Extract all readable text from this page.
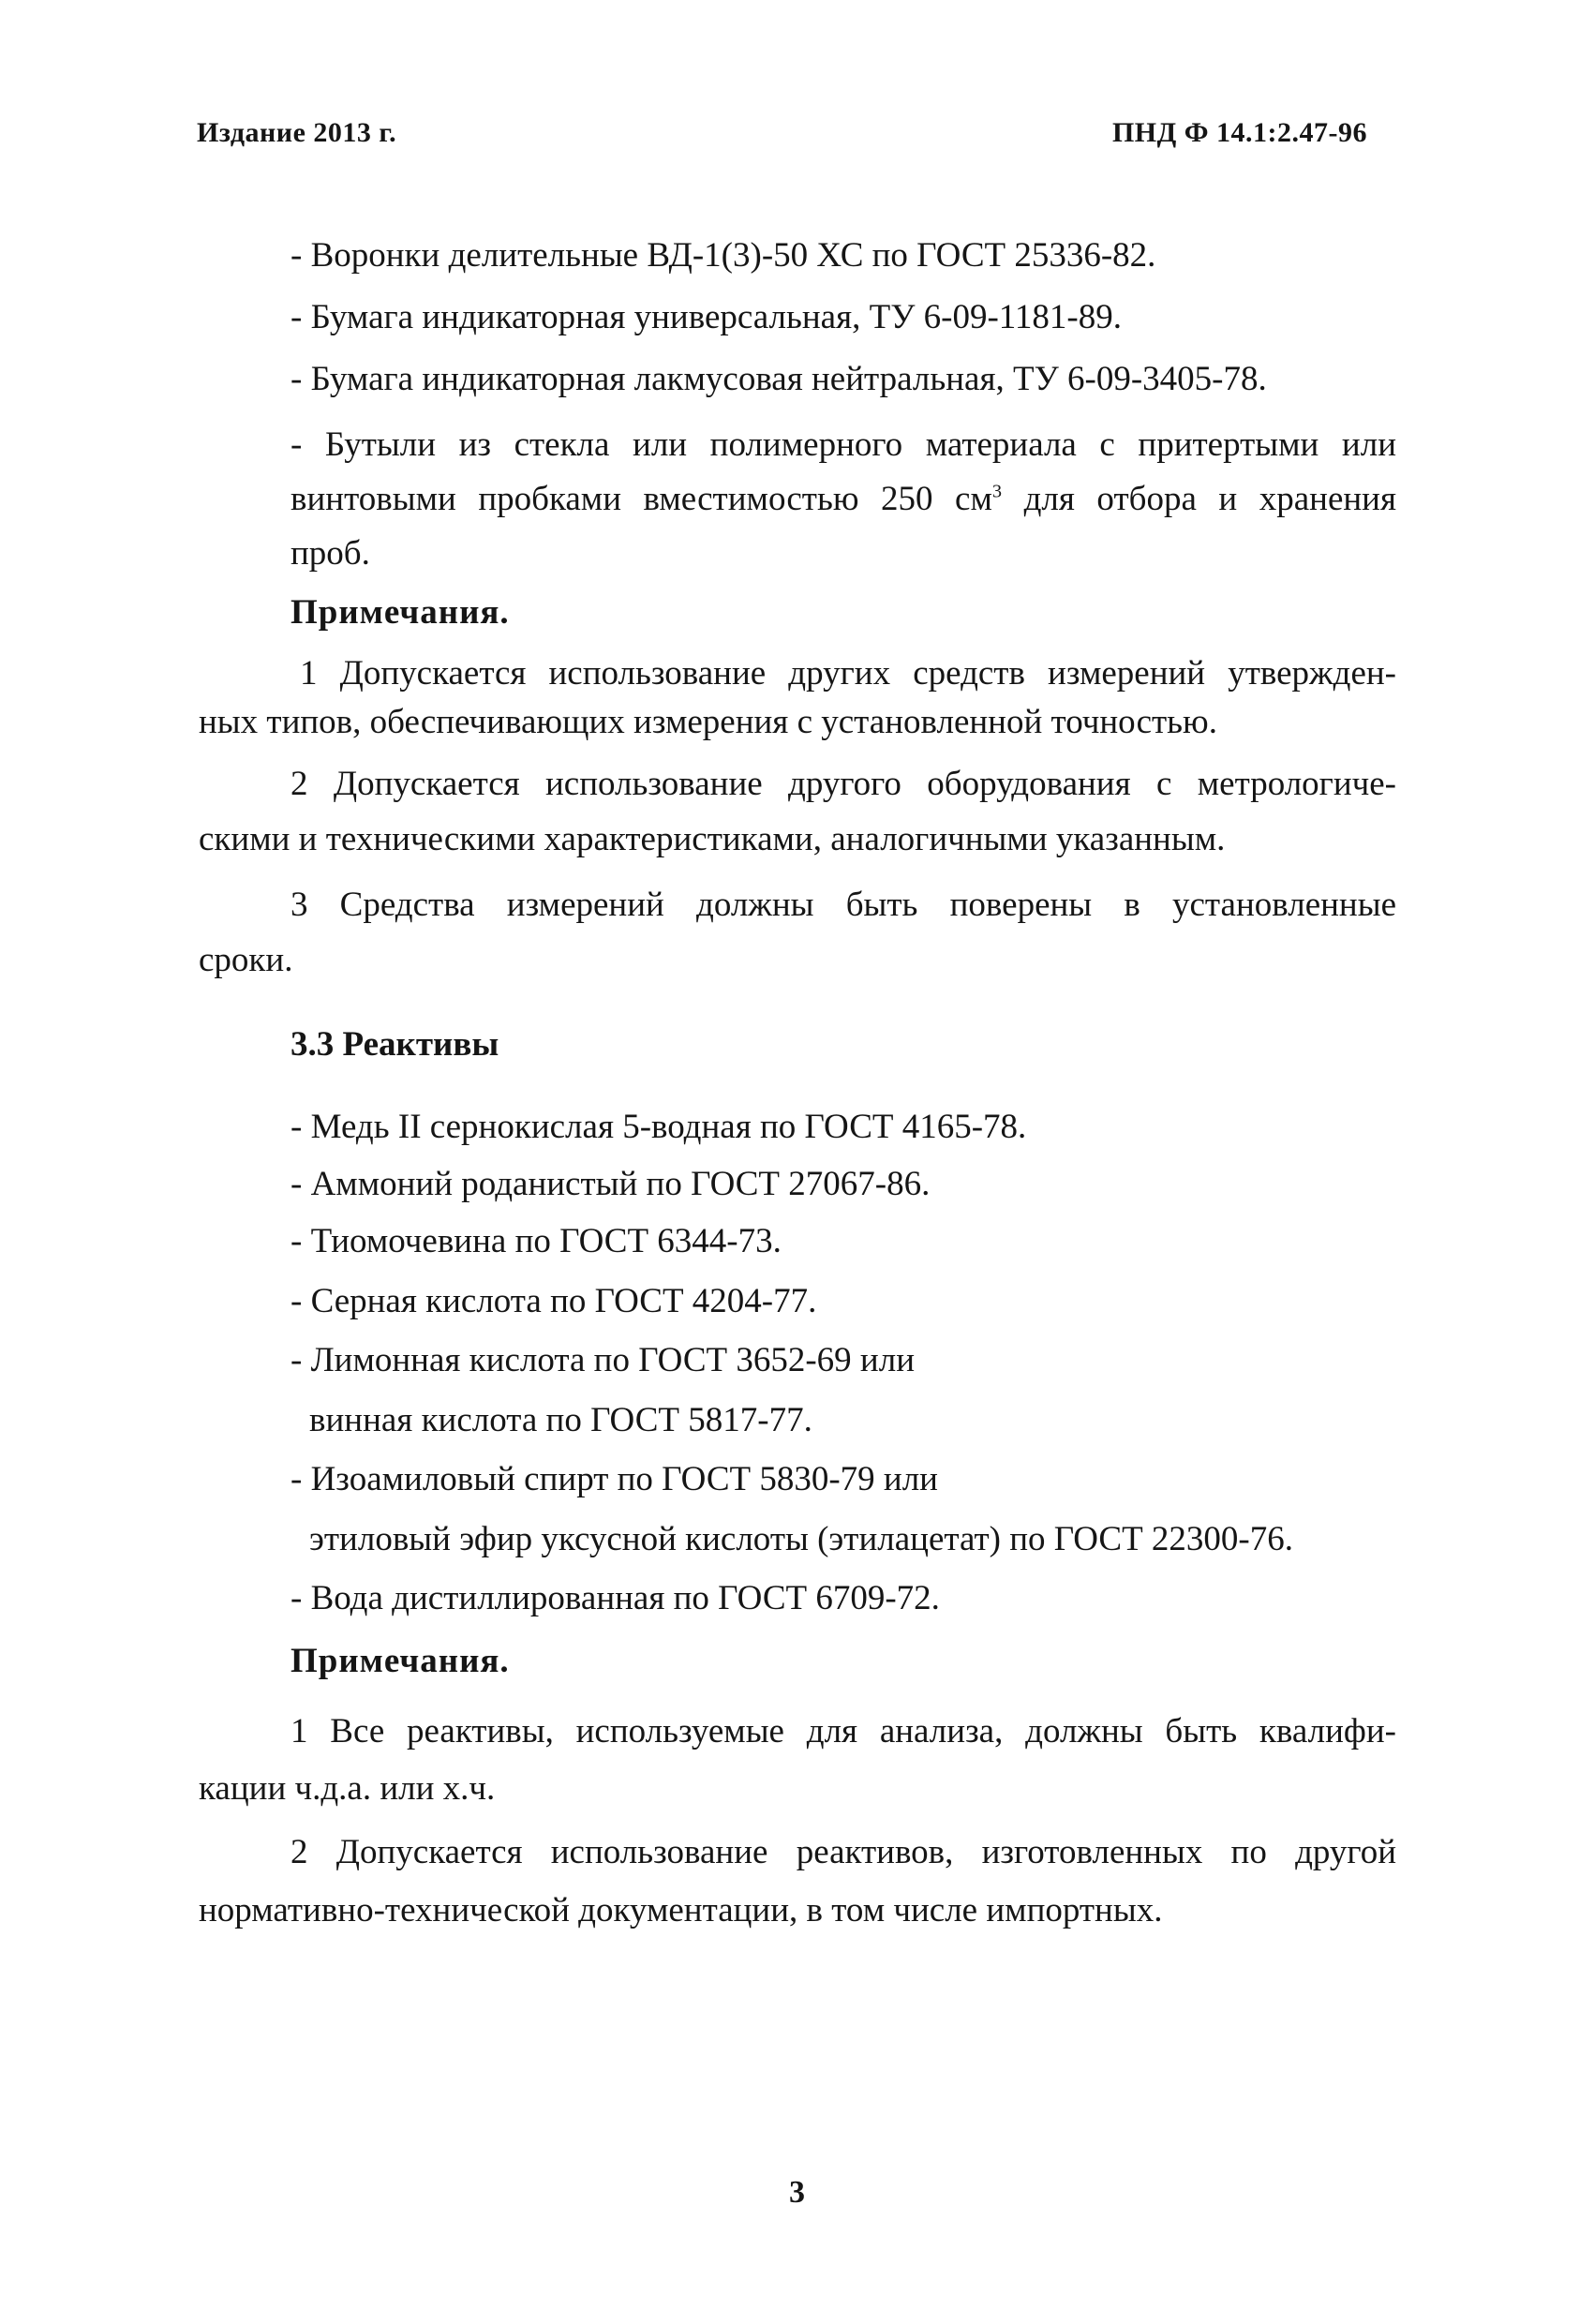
Издание 2013 г.	ПНД Ф 14.1:2.47-96
- Воронки делительные ВД-1(3)-50 ХС по ГОСТ 25336-82.
- Бумага индикаторная универсальная, ТУ 6-09-1181-89.
- Бумага индикаторная лакмусовая нейтральная, ТУ 6-09-3405-78.
- Бутыли из стекла или полимерного материала с притертыми или
винтовыми пробками вместимостью 250 $см^3$ для отбора и хранения
проб.
Примечания.
1 Допускается использование других средств измерений утвержден-
ных типов, обеспечивающих измерения с установленной точностью.
2 Допускается использование другого оборудования с метрологиче-
скими и техническими характеристиками, аналогичными указанным.
3 Средства измерений должны быть поверены в установленные
сроки.
3.3 Реактивы
- Медь II сернокислая 5-водная по ГОСТ 4165-78.
- Аммоний роданистый по ГОСТ 27067-86.
- Тиомочевина по ГОСТ 6344-73.
- Серная кислота по ГОСТ 4204-77.
- Лимонная кислота по ГОСТ 3652-69 или
винная кислота по ГОСТ 5817-77.
- Изоамиловый спирт по ГОСТ 5830-79 или
этиловый эфир уксусной кислоты (этилацетат) по ГОСТ 22300-76.
- Вода дистиллированная по ГОСТ 6709-72.
Примечания.
1 Все реактивы, используемые для анализа, должны быть квалифи-
кации ч.д.а. или х.ч.
2 Допускается использование реактивов, изготовленных по другой
нормативно-технической документации, в том числе импортных.
3
